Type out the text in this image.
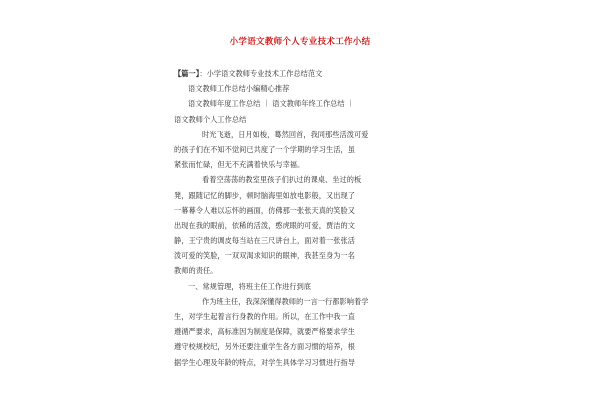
小学语文教师个人专业技术工作小结
【篇一】：小学语文教师专业技术工作总结范文
语文教师工作总结小编精心推荐
语文教师年度工作总结 ｜ 语文教师年终工作总结 ｜
语文教师个人工作总结
时光飞逝，日月如梭，蓦然回首，我同那些活泼可爱
的孩子们在不知不觉间已共度了一个学期的学习生活，虽
紧张而忙碌，但无不充满着快乐与幸福。
看着空荡荡的教室里孩子们扒过的课桌、坐过的板
凳，跟随记忆的脚步，顿时脑海里如放电影般，又出现了
一幕幕令人难以忘怀的画面，仿佛那一张张天真的笑脸又
出现在我的眼前，依稀的活泼，憨虎眼的可爱，贾洁的文
静，王宁贵的调皮每当站在三尺讲台上，面对着一张张活
泼可爱的笑脸，一双双渴求知识的眼神，我甚至身为一名
教师的责任。
一、常规管理，将班主任工作进行到底
作为班主任，我深深懂得教师的一言一行都影响着学
生，对学生起着言行身教的作用。所以，在工作中我一直
遵循严要求，高标准因为制度是保障，就要严格要求学生
遵守校规校纪，另外还要注重学生各方面习惯的培养，根
据学生心理及年龄的特点，对学生具体学习习惯进行指导
